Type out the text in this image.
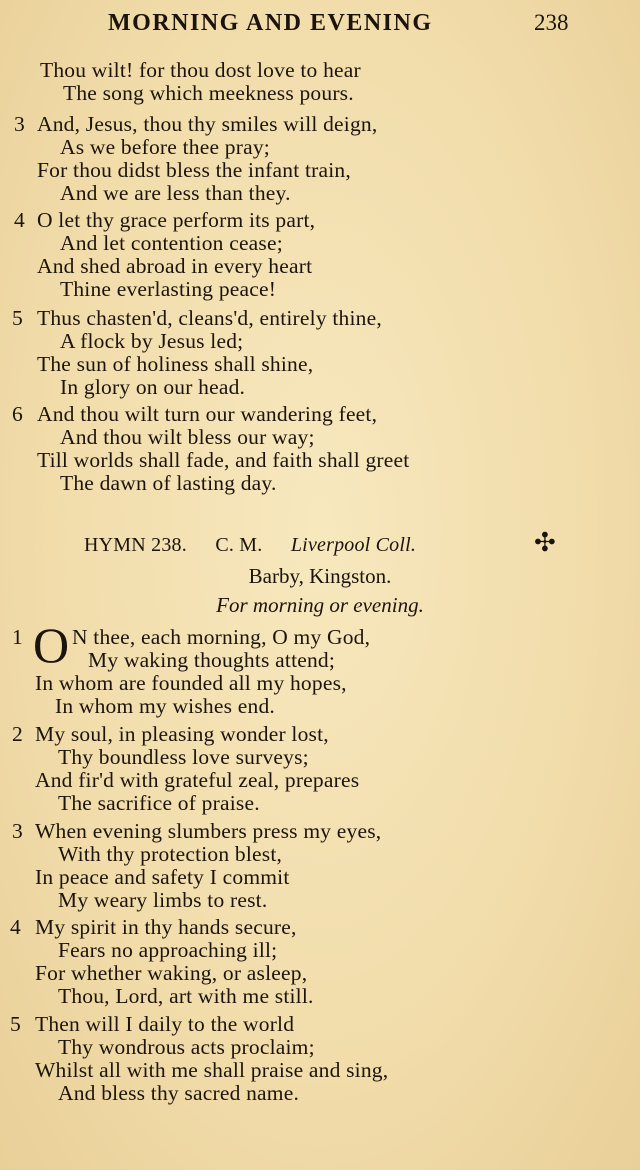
MORNING AND EVENING	238
Thou wilt! for thou dost love to hear
The song which meekness pours.
3 And, Jesus, thou thy smiles will deign,
As we before thee pray;
For thou didst bless the infant train,
And we are less than they.
4 O let thy grace perform its part,
And let contention cease;
And shed abroad in every heart
Thine everlasting peace!
5 Thus chasten'd, cleans'd, entirely thine,
A flock by Jesus led;
The sun of holiness shall shine,
In glory on our head.
6 And thou wilt turn our wandering feet,
And thou wilt bless our way;
Till worlds shall fade, and faith shall greet
The dawn of lasting day.
HYMN 238. C. M. Liverpool Coll.	✣
Barby, Kingston.
For morning or evening.
1 O N thee, each morning, O my God,
My waking thoughts attend;
In whom are founded all my hopes,
In whom my wishes end.
2 My soul, in pleasing wonder lost,
Thy boundless love surveys;
And fir'd with grateful zeal, prepares
The sacrifice of praise.
3 When evening slumbers press my eyes,
With thy protection blest,
In peace and safety I commit
My weary limbs to rest.
4 My spirit in thy hands secure,
Fears no approaching ill;
For whether waking, or asleep,
Thou, Lord, art with me still.
5 Then will I daily to the world
Thy wondrous acts proclaim;
Whilst all with me shall praise and sing,
And bless thy sacred name.
